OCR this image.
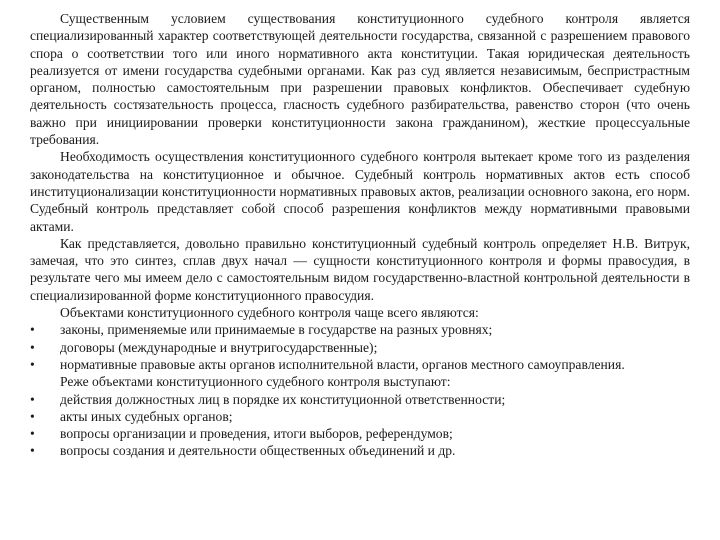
Существенным условием существования конституционного судебного контроля является специализированный характер соответствующей деятельности государства, связанной с разрешением правового спора о соответствии того или иного нормативного акта конституции. Такая юридическая деятельность реализуется от имени государства судебными органами. Как раз суд является независимым, беспристрастным органом, полностью самостоятельным при разрешении правовых конфликтов. Обеспечивает судебную деятельность состязательность процесса, гласность судебного разбирательства, равенство сторон (что очень важно при инициировании проверки конституционности закона гражданином), жесткие процессуальные требования.

Необходимость осуществления конституционного судебного контроля вытекает кроме того из разделения законодательства на конституционное и обычное. Судебный контроль нормативных актов есть способ институционализации конституционности нормативных правовых актов, реализации основного закона, его норм. Судебный контроль представляет собой способ разрешения конфликтов между нормативными правовыми актами.

Как представляется, довольно правильно конституционный судебный контроль определяет Н.В. Витрук, замечая, что это синтез, сплав двух начал — сущности конституционного контроля и формы правосудия, в результате чего мы имеем дело с самостоятельным видом государственно-властной контрольной деятельности в специализированной форме конституционного правосудия.

Объектами конституционного судебного контроля чаще всего являются:

•	законы, применяемые или принимаемые в государстве на разных уровнях;

•	договоры (международные и внутригосударственные);

•	нормативные правовые акты органов исполнительной власти, органов местного самоуправления.

Реже объектами конституционного судебного контроля выступают:

•	действия должностных лиц в порядке их конституционной ответственности;

•	акты иных судебных органов;

•	вопросы организации и проведения, итоги выборов, референдумов;

•	вопросы создания и деятельности общественных объединений и др.
